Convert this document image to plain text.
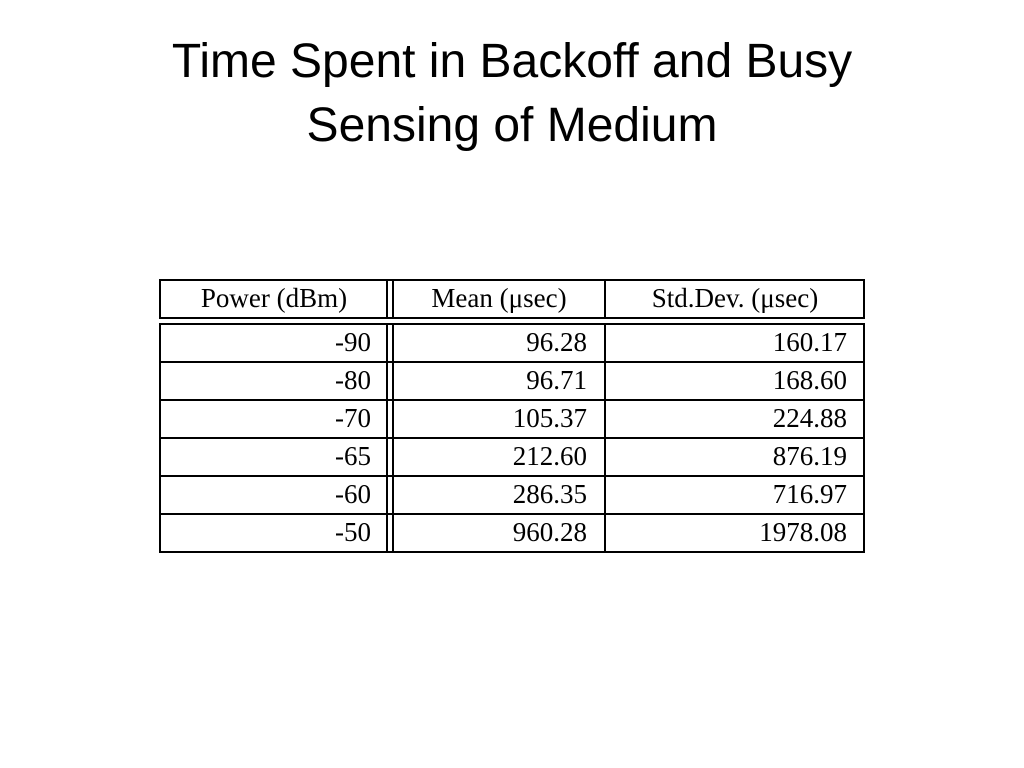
Time Spent in Backoff and Busy
Sensing of Medium
Power (dBm)	Mean (μsec)	Std.Dev. (μsec)
-90	96.28	160.17
-80	96.71	168.60
-70	105.37	224.88
-65	212.60	876.19
-60	286.35	716.97
-50	960.28	1978.08
